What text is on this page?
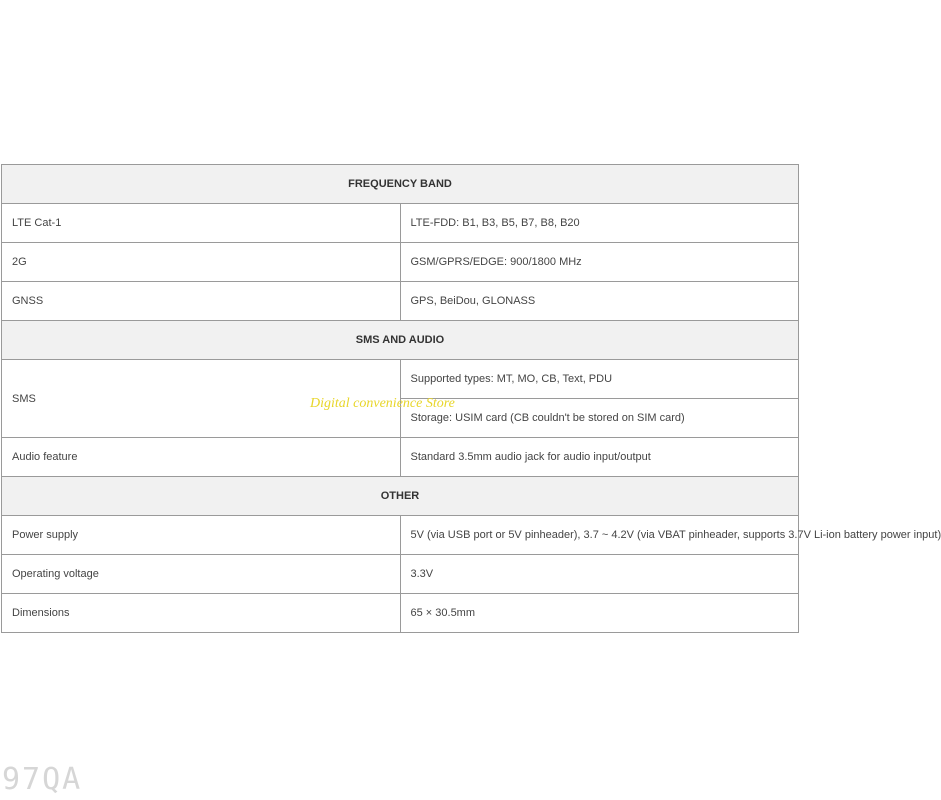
FREQUENCY BAND	
LTE Cat-1	LTE-FDD: B1, B3, B5, B7, B8, B20
2G	GSM/GPRS/EDGE: 900/1800 MHz
GNSS	GPS, BeiDou, GLONASS
SMS AND AUDIO	
SMS	Supported types: MT, MO, CB, Text, PDU
	Storage: USIM card (CB couldn't be stored on SIM card)
Audio feature	Standard 3.5mm audio jack for audio input/output
OTHER	
Power supply	5V (via USB port or 5V pinheader), 3.7 ~ 4.2V (via VBAT pinheader, supports 3.7V Li-ion battery power input)
Operating voltage	3.3V
Dimensions	65 × 30.5mm
Digital convenience Store
97QA
